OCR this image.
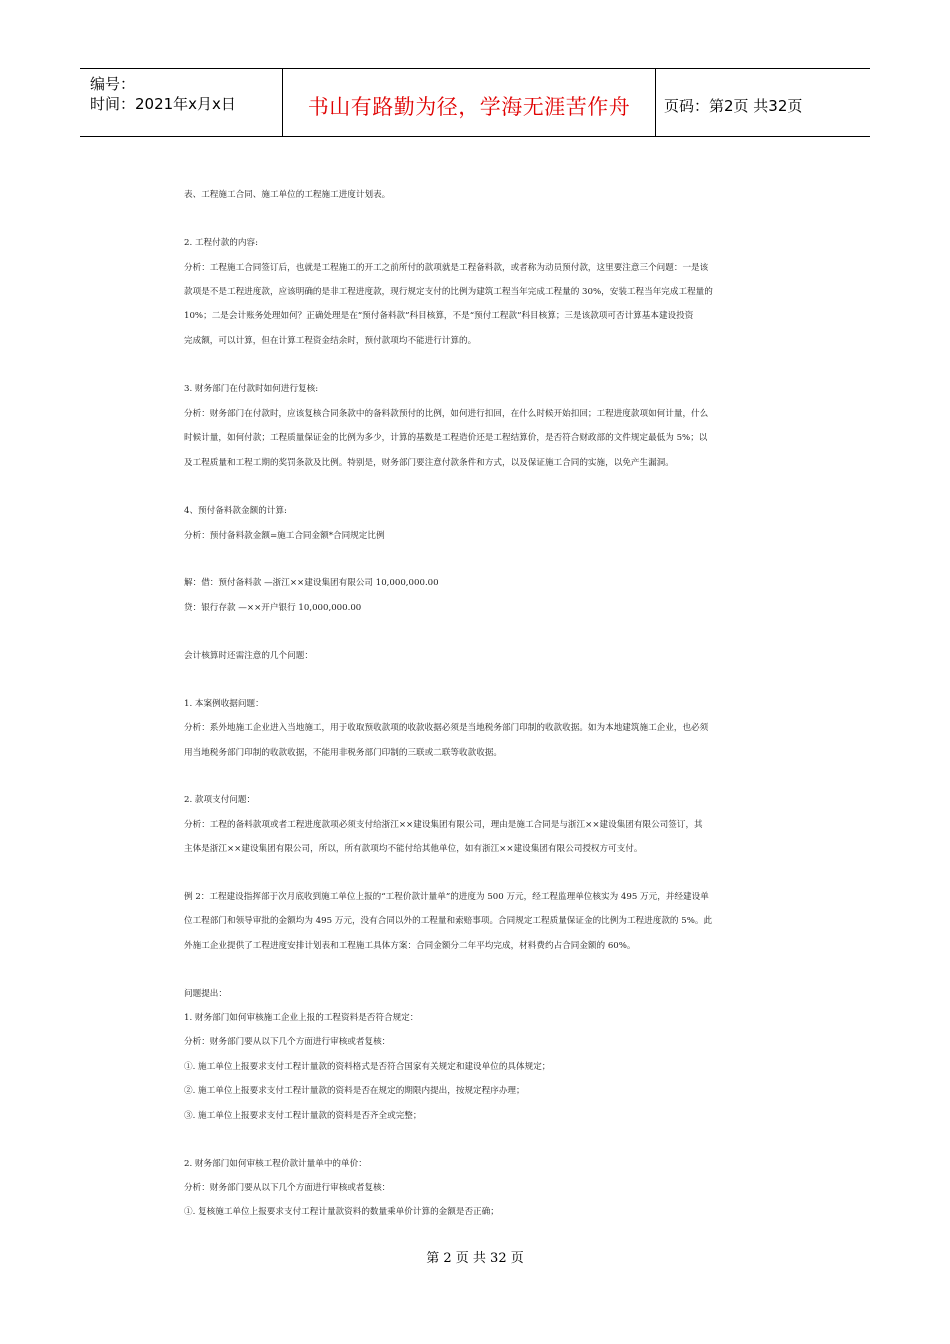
编号：
时间：2021年x月x日	书山有路勤为径，学海无涯苦作舟	页码：第2页 共32页
表、工程施工合同、施工单位的工程施工进度计划表。
2. 工程付款的内容:
分析：工程施工合同签订后，也就是工程施工的开工之前所付的款项就是工程备料款，或者称为动员预付款，这里要注意三个问题：一是该
款项是不是工程进度款，应该明确的是非工程进度款，现行规定支付的比例为建筑工程当年完成工程量的 30%，安装工程当年完成工程量的
10%；二是会计账务处理如何？正确处理是在“预付备料款”科目核算，不是“预付工程款”科目核算；三是该款项可否计算基本建设投资
完成额，可以计算，但在计算工程资金结余时，预付款项均不能进行计算的。
3. 财务部门在付款时如何进行复核:
分析：财务部门在付款时，应该复核合同条款中的备料款预付的比例，如何进行扣回，在什么时候开始扣回；工程进度款项如何计量，什么
时候计量，如何付款；工程质量保证金的比例为多少，计算的基数是工程造价还是工程结算价，是否符合财政部的文件规定最低为 5%；以
及工程质量和工程工期的奖罚条款及比例。特别是，财务部门要注意付款条件和方式，以及保证施工合同的实施，以免产生漏洞。
4、预付备料款金额的计算:
分析：预付备料款金额=施工合同金额*合同规定比例
解：借：预付备料款 —浙江××建设集团有限公司 10,000,000.00
贷：银行存款 —××开户银行 10,000,000.00
会计核算时还需注意的几个问题：
1. 本案例收据问题：
分析：系外地施工企业进入当地施工，用于收取预收款项的收款收据必须是当地税务部门印制的收款收据。如为本地建筑施工企业，也必须
用当地税务部门印制的收款收据，不能用非税务部门印制的三联或二联等收款收据。
2. 款项支付问题：
分析：工程的备料款项或者工程进度款项必须支付给浙江××建设集团有限公司，理由是施工合同是与浙江××建设集团有限公司签订，其
主体是浙江××建设集团有限公司，所以，所有款项均不能付给其他单位，如有浙江××建设集团有限公司授权方可支付。
例 2：工程建设指挥部于次月底收到施工单位上报的“工程价款计量单”的进度为 500 万元，经工程监理单位核实为 495 万元，并经建设单
位工程部门和领导审批的金额均为 495 万元，没有合同以外的工程量和索赔事项。合同规定工程质量保证金的比例为工程进度款的 5%。此
外施工企业提供了工程进度安排计划表和工程施工具体方案：合同金额分二年平均完成，材料费约占合同金额的 60%。
问题提出：
1. 财务部门如何审核施工企业上报的工程资料是否符合规定：
分析：财务部门要从以下几个方面进行审核或者复核：
①. 施工单位上报要求支付工程计量款的资料格式是否符合国家有关规定和建设单位的具体规定；
②. 施工单位上报要求支付工程计量款的资料是否在规定的期限内提出，按规定程序办理；
③. 施工单位上报要求支付工程计量款的资料是否齐全或完整；
2. 财务部门如何审核工程价款计量单中的单价：
分析：财务部门要从以下几个方面进行审核或者复核：
①. 复核施工单位上报要求支付工程计量款资料的数量乘单价计算的金额是否正确；
第 2 页 共 32 页
